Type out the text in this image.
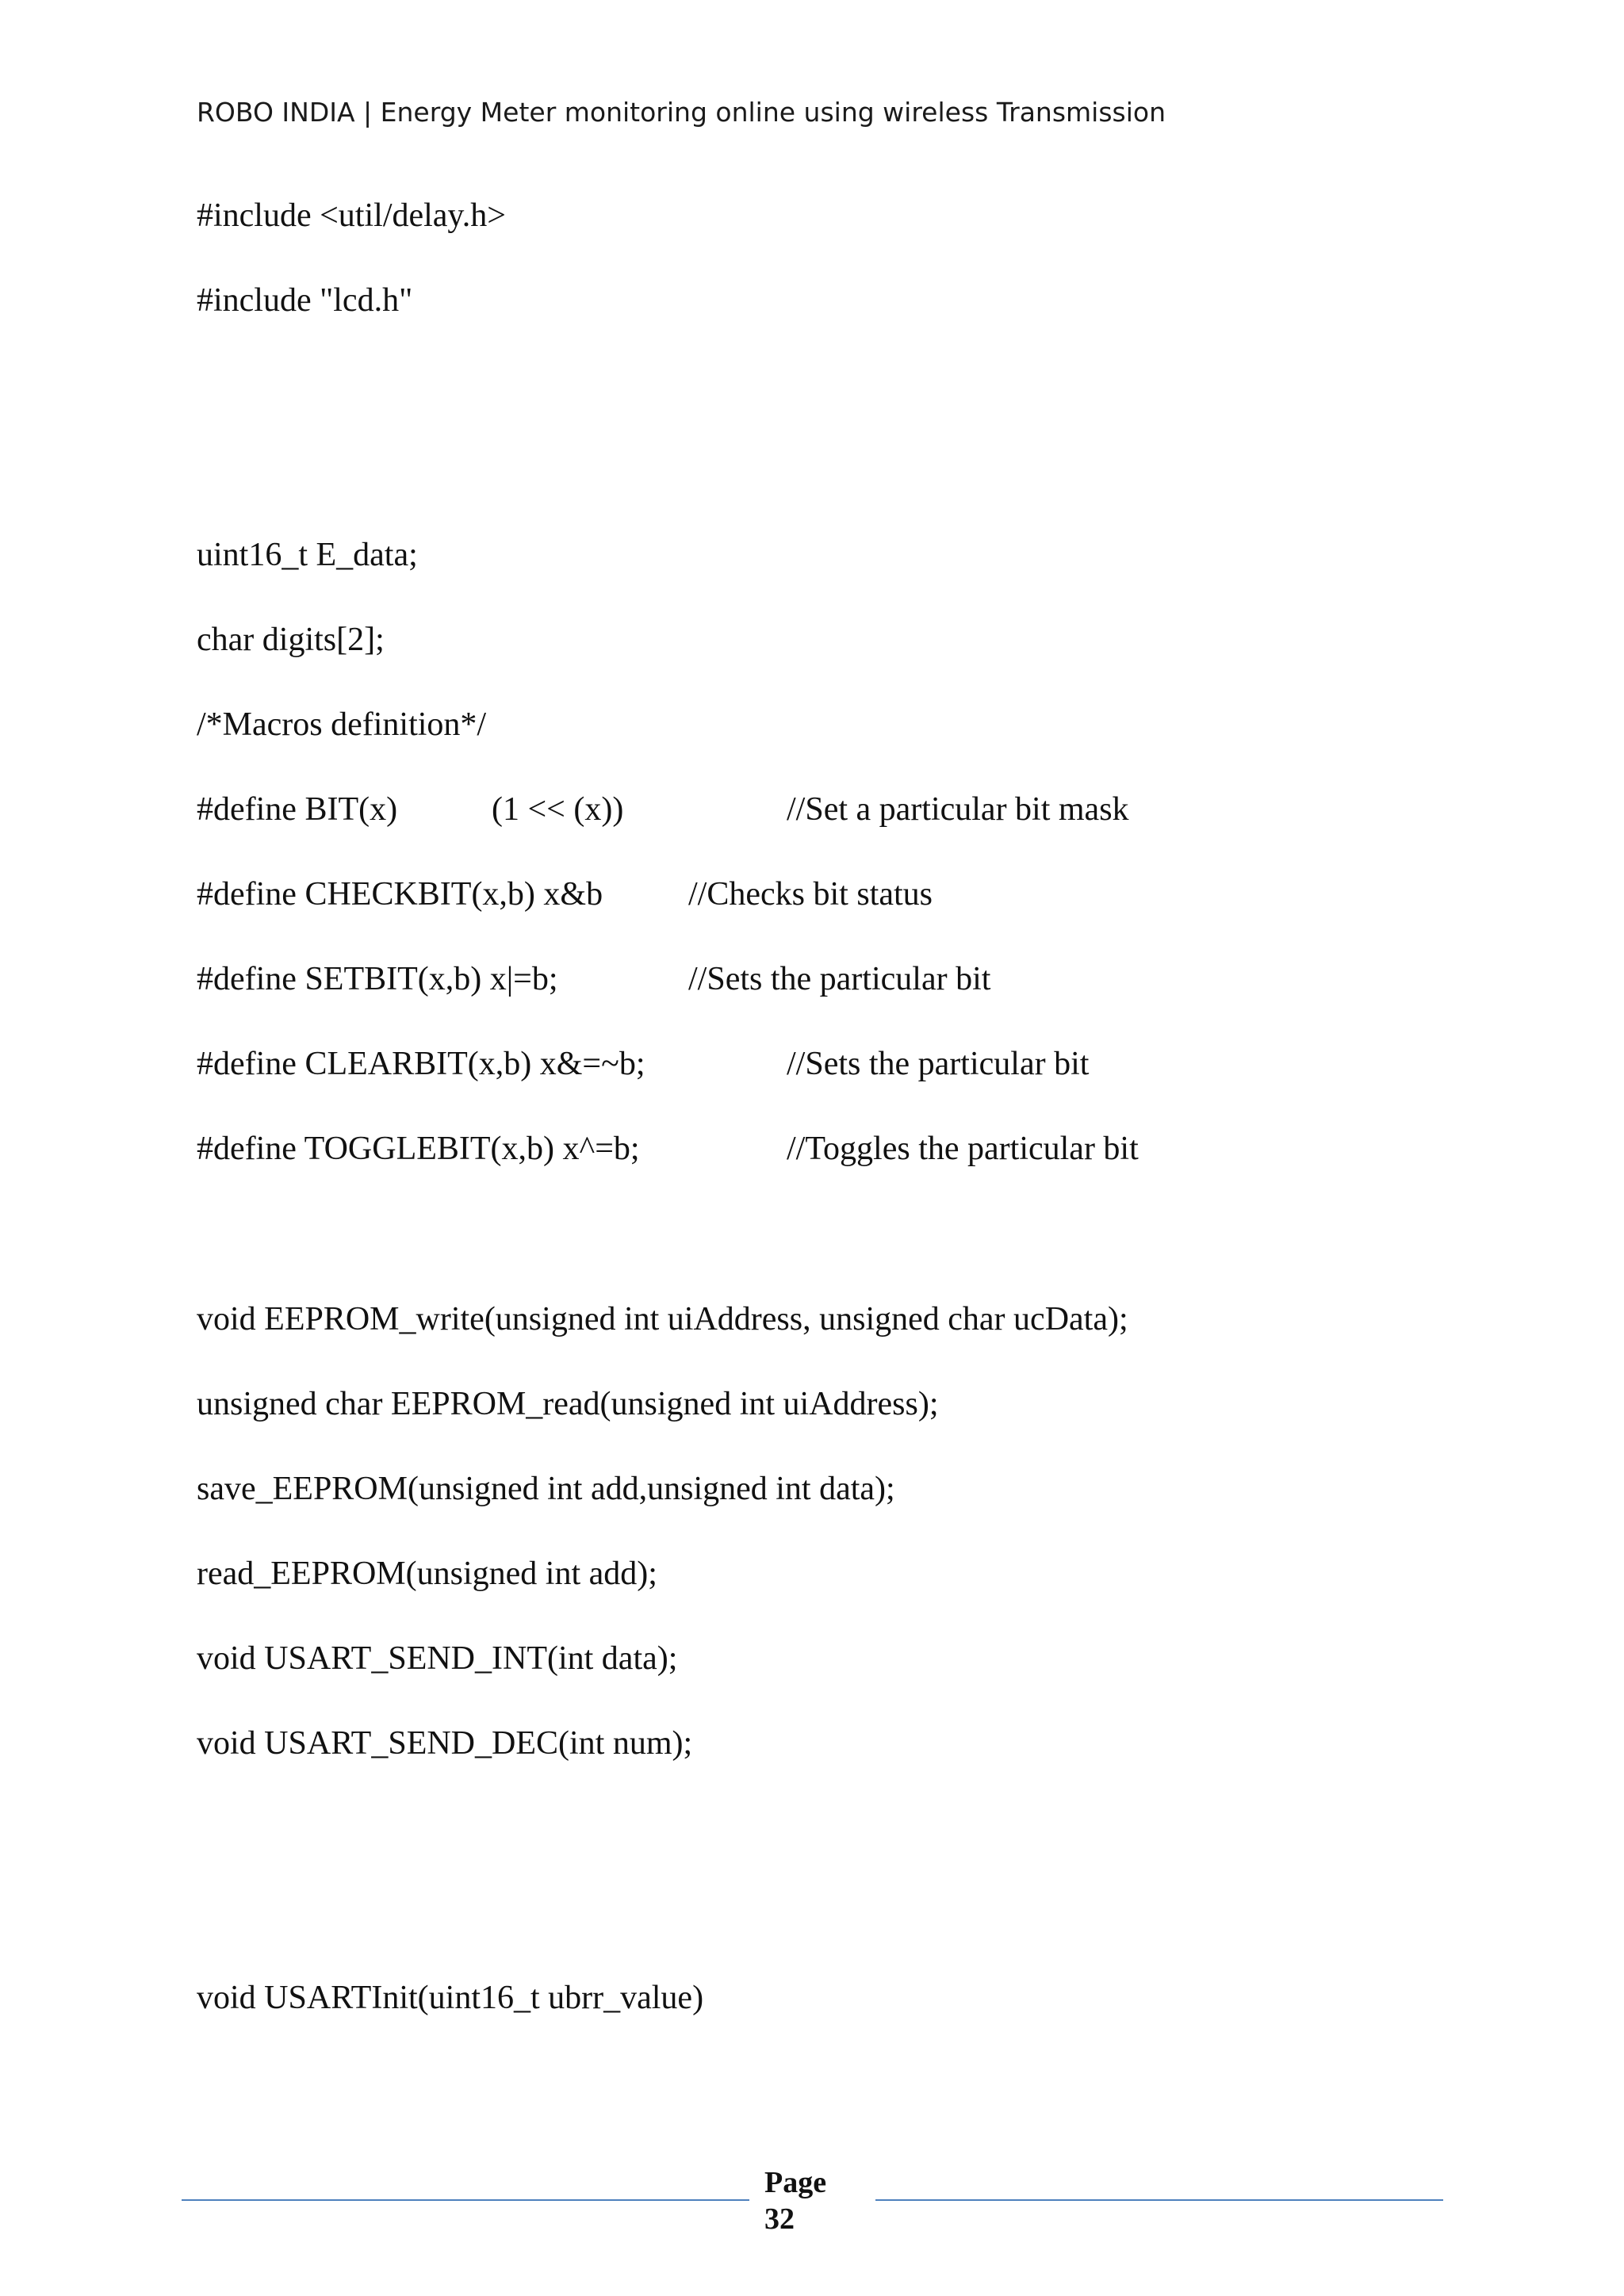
ROBO INDIA | Energy Meter monitoring online using wireless Transmission
#include <util/delay.h>
#include "lcd.h"
uint16_t E_data;
char digits[2];
/*Macros definition*/
#define BIT(x)	(1 << (x))	//Set a particular bit mask
#define CHECKBIT(x,b) x&b	//Checks bit status
#define SETBIT(x,b) x|=b;	//Sets the particular bit
#define CLEARBIT(x,b) x&=~b;	//Sets the particular bit
#define TOGGLEBIT(x,b) x^=b;	//Toggles the particular bit
void EEPROM_write(unsigned int uiAddress, unsigned char ucData);
unsigned char EEPROM_read(unsigned int uiAddress);
save_EEPROM(unsigned int add,unsigned int data);
read_EEPROM(unsigned int add);
void USART_SEND_INT(int data);
void USART_SEND_DEC(int num);
void USARTInit(uint16_t ubrr_value)
Page
32
